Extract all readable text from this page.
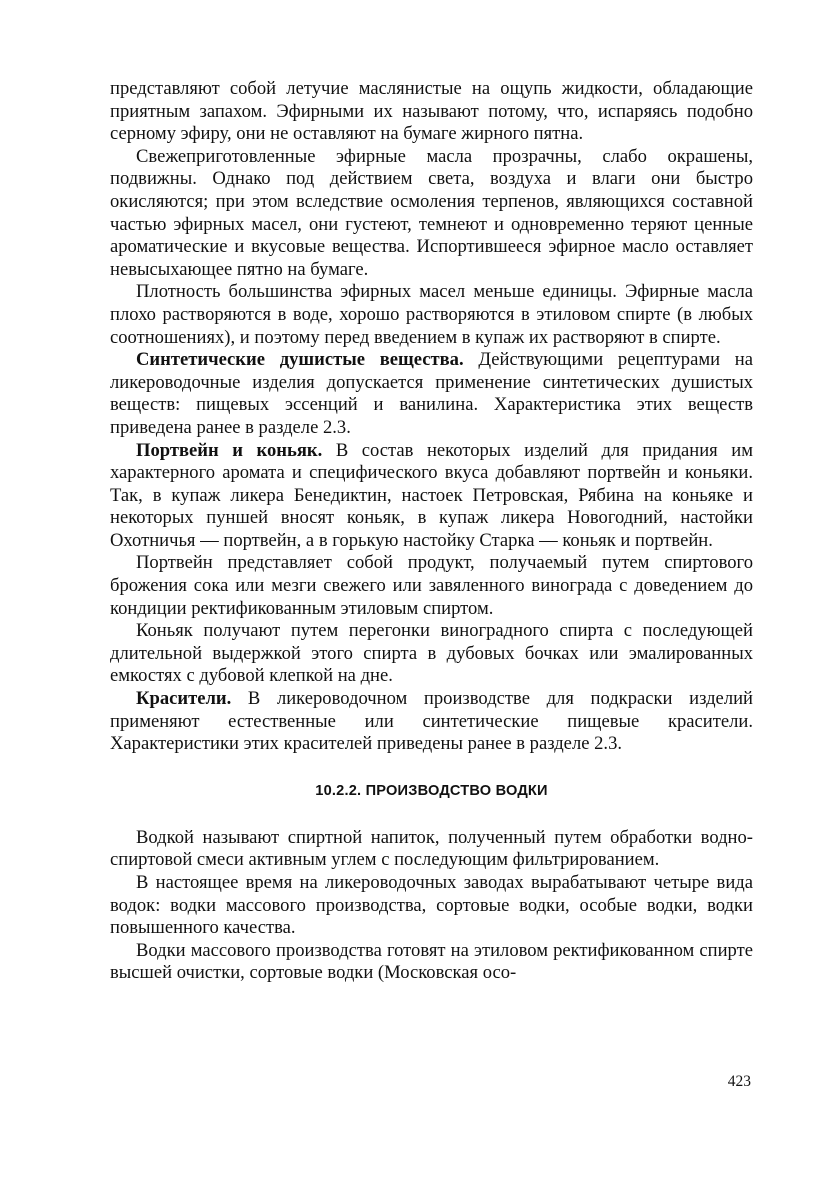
представляют собой летучие маслянистые на ощупь жидкости, обладающие приятным запахом. Эфирными их называют потому, что, испаряясь подобно серному эфиру, они не оставляют на бумаге жирного пятна.

Свежеприготовленные эфирные масла прозрачны, слабо окрашены, подвижны. Однако под действием света, воздуха и влаги они быстро окисляются; при этом вследствие осмоления терпенов, являющихся составной частью эфирных масел, они густеют, темнеют и одновременно теряют ценные ароматические и вкусовые вещества. Испортившееся эфирное масло оставляет невысыхающее пятно на бумаге.

Плотность большинства эфирных масел меньше единицы. Эфирные масла плохо растворяются в воде, хорошо растворяются в этиловом спирте (в любых соотношениях), и поэтому перед введением в купаж их растворяют в спирте.

Синтетические душистые вещества. Действующими рецептурами на ликероводочные изделия допускается применение синтетических душистых веществ: пищевых эссенций и ванилина. Характеристика этих веществ приведена ранее в разделе 2.3.

Портвейн и коньяк. В состав некоторых изделий для придания им характерного аромата и специфического вкуса добавляют портвейн и коньяки. Так, в купаж ликера Бенедиктин, настоек Петровская, Рябина на коньяке и некоторых пуншей вносят коньяк, в купаж ликера Новогодний, настойки Охотничья — портвейн, а в горькую настойку Старка — коньяк и портвейн.

Портвейн представляет собой продукт, получаемый путем спиртового брожения сока или мезги свежего или завяленного винограда с доведением до кондиции ректификованным этиловым спиртом.

Коньяк получают путем перегонки виноградного спирта с последующей длительной выдержкой этого спирта в дубовых бочках или эмалированных емкостях с дубовой клепкой на дне.

Красители. В ликероводочном производстве для подкраски изделий применяют естественные или синтетические пищевые красители. Характеристики этих красителей приведены ранее в разделе 2.3.

10.2.2. ПРОИЗВОДСТВО ВОДКИ

Водкой называют спиртной напиток, полученный путем обработки водно-спиртовой смеси активным углем с последующим фильтрированием.

В настоящее время на ликероводочных заводах вырабатывают четыре вида водок: водки массового производства, сортовые водки, особые водки, водки повышенного качества.

Водки массового производства готовят на этиловом ректификованном спирте высшей очистки, сортовые водки (Московская осо-

423
